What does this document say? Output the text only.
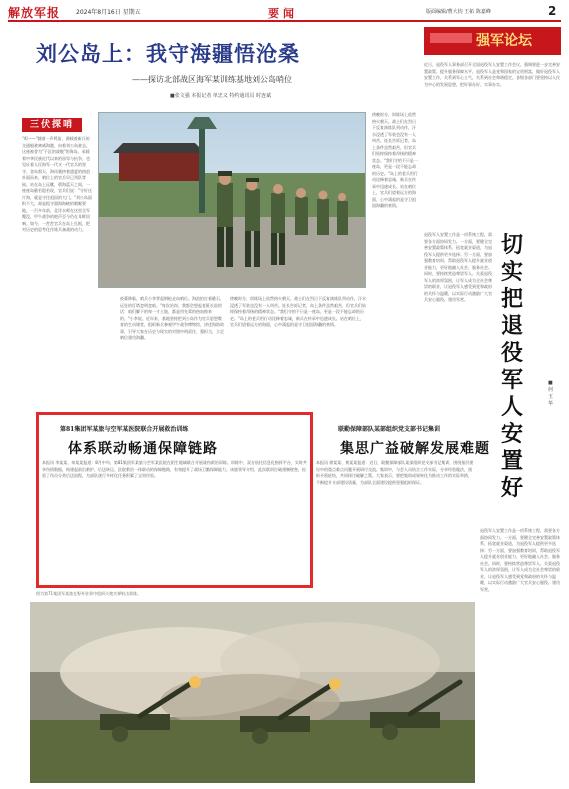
解放军报	2024年8月16日 星期五	要闻	版面编辑/曹大钧 王拓 陈嘉峰	2
刘公岛上：我守海疆悟沧桑
——探访北部战区海军某训练基地刘公岛哨位
■张文强 本报记者 单忠义 特约通讯员 时连斌
三伏探哨
"呜——"随着一声鸣笛，满载着新兵的交通船驶离威海港，向着刘公岛驶去。这座被誉为"不沉的战舰"的海岛，承载着中华民族近代以来的屈辱与抗争，也见证着人民海军一代又一代官兵的坚守。登岛那天，海风裹挟着盛夏的热浪扑面而来，哨位上的官兵早已列队等候。站在岛上远眺，碧海蓝天之间，一座座岛礁若隐若现，官兵们说："守好这片海，就是守住祖国的大门。"刘公岛面积不大，却是扼守渤海海峡的咽喉要地。一百多年前，北洋水师在这里全军覆没，甲午战争的炮声至今仍在耳畔回响。如今，一茬茬官兵在岛上扎根，把对历史的思考化作练兵备战的动力。
夜幕降临，哨兵小李背起钢枪走向哨位。海浪拍打着礁石，远处的灯塔忽明忽暗。"每次站岗，我都会想起老班长说的话：咱们脚下的每一寸土地，都是用先辈的热血换来的。"小李说。近年来，基地坚持把刘公岛作为官兵思想教育的生动课堂，组织新兵参观甲午战争博物馆，讲述海防故事，引导大家在历史与现实的对照中明责任、强担当，立足哨位建功海疆。
傍晚时分，训练场上依然热火朝天。战士们在烈日下反复演练队列动作，汗水浸透了军装也没有一人叫苦。连长告诉记者，岛上条件虽然艰苦，但官兵们始终保持着昂扬的精神状态。"我们守的不只是一座岛，更是一段不能忘却的历史。"岛上的老兵用行动诠释着忠诚，新兵在传承中迅速成长。站在哨位上，官兵们望着远方的海面，心中涌起的是守卫祖国海疆的豪情。
傍晚时分，训练场上依然热火朝天。战士们在烈日下反复演练队列动作，汗水浸透了军装也没有一人叫苦。连长告诉记者，岛上条件虽然艰苦，但官兵们始终保持着昂扬的精神状态。"我们守的不只是一座岛，更是一段不能忘却的历史。"岛上的老兵用行动诠释着忠诚，新兵在传承中迅速成长。站在哨位上，官兵们望着远方的海面，心中涌起的是守卫祖国海疆的豪情。
强军论坛
近日，退役军人事务部召开全国退役军人安置工作会议，强调要进一步完善安置政策，提升服务保障水平。退役军人是党和国家的宝贵财富，做好退役军人安置工作，关系到军心士气，关系到社会和谐稳定。各级各部门要坚持以人民为中心的发展思想，把好事办好、实事办实。
切实把退役军人安置好
■何玉华
退役军人安置工作是一项系统工程，需要各方面协同发力。一方面，要健全完善安置政策体系，拓宽就业渠道，为退役军人提供更多选择；另一方面，要加强教育培训，帮助退役军人提升就业创业能力，更好地融入社会、服务社会。同时，要持续营造尊崇军人、关爱退役军人的浓厚氛围，让军人成为全社会尊崇的职业，让退役军人感受到党和政府的关怀与温暖，以实际行动激励广大官兵安心服役、建功军营。
退役军人安置工作是一项系统工程，需要各方面协同发力。一方面，要健全完善安置政策体系，拓宽就业渠道，为退役军人提供更多选择；另一方面，要加强教育培训，帮助退役军人提升就业创业能力，更好地融入社会、服务社会。同时，要持续营造尊崇军人、关爱退役军人的浓厚氛围，让军人成为全社会尊崇的职业，让退役军人感受到党和政府的关怀与温暖，以实际行动激励广大官兵安心服役、建功军营。
第81集团军某旅与空军某医院联合开展救治训练
体系联动畅通保障链路
本报讯 李某某、奉某某报道：8月中旬，第81集团军某旅与空军某医院在陌生地域联合开展战伤救治训练。训练中，双方依托信息化指挥平台，实时共享伤情数据，构建起前沿救护、后送转运、医院救治一体联动的保障链路，有效提升了战场卫勤保障能力。该旅领导介绍，此次联训打破建制壁垒，检验了伤员分类后送流程，为部队遂行多样化任务积累了宝贵经验。
联勤保障部队某部组织党支部书记集训
集思广益破解发展难题
本报讯 徐某某、黄某某报道：近日，联勤保障部队某部组织党支部书记集训，围绕基层建设中的重点难点问题开展研讨交流。集训中，与会人员结合工作实际，分享经验做法，剖析矛盾症结，共同探讨破解之策。大家表示，要把集训成果转化为推动工作的实际举措，不断提升支部建设质量，为部队全面建设提供坚强组织保证。
图为第71集团军某旅在野外驻训中组织火炮实弹射击训练。
